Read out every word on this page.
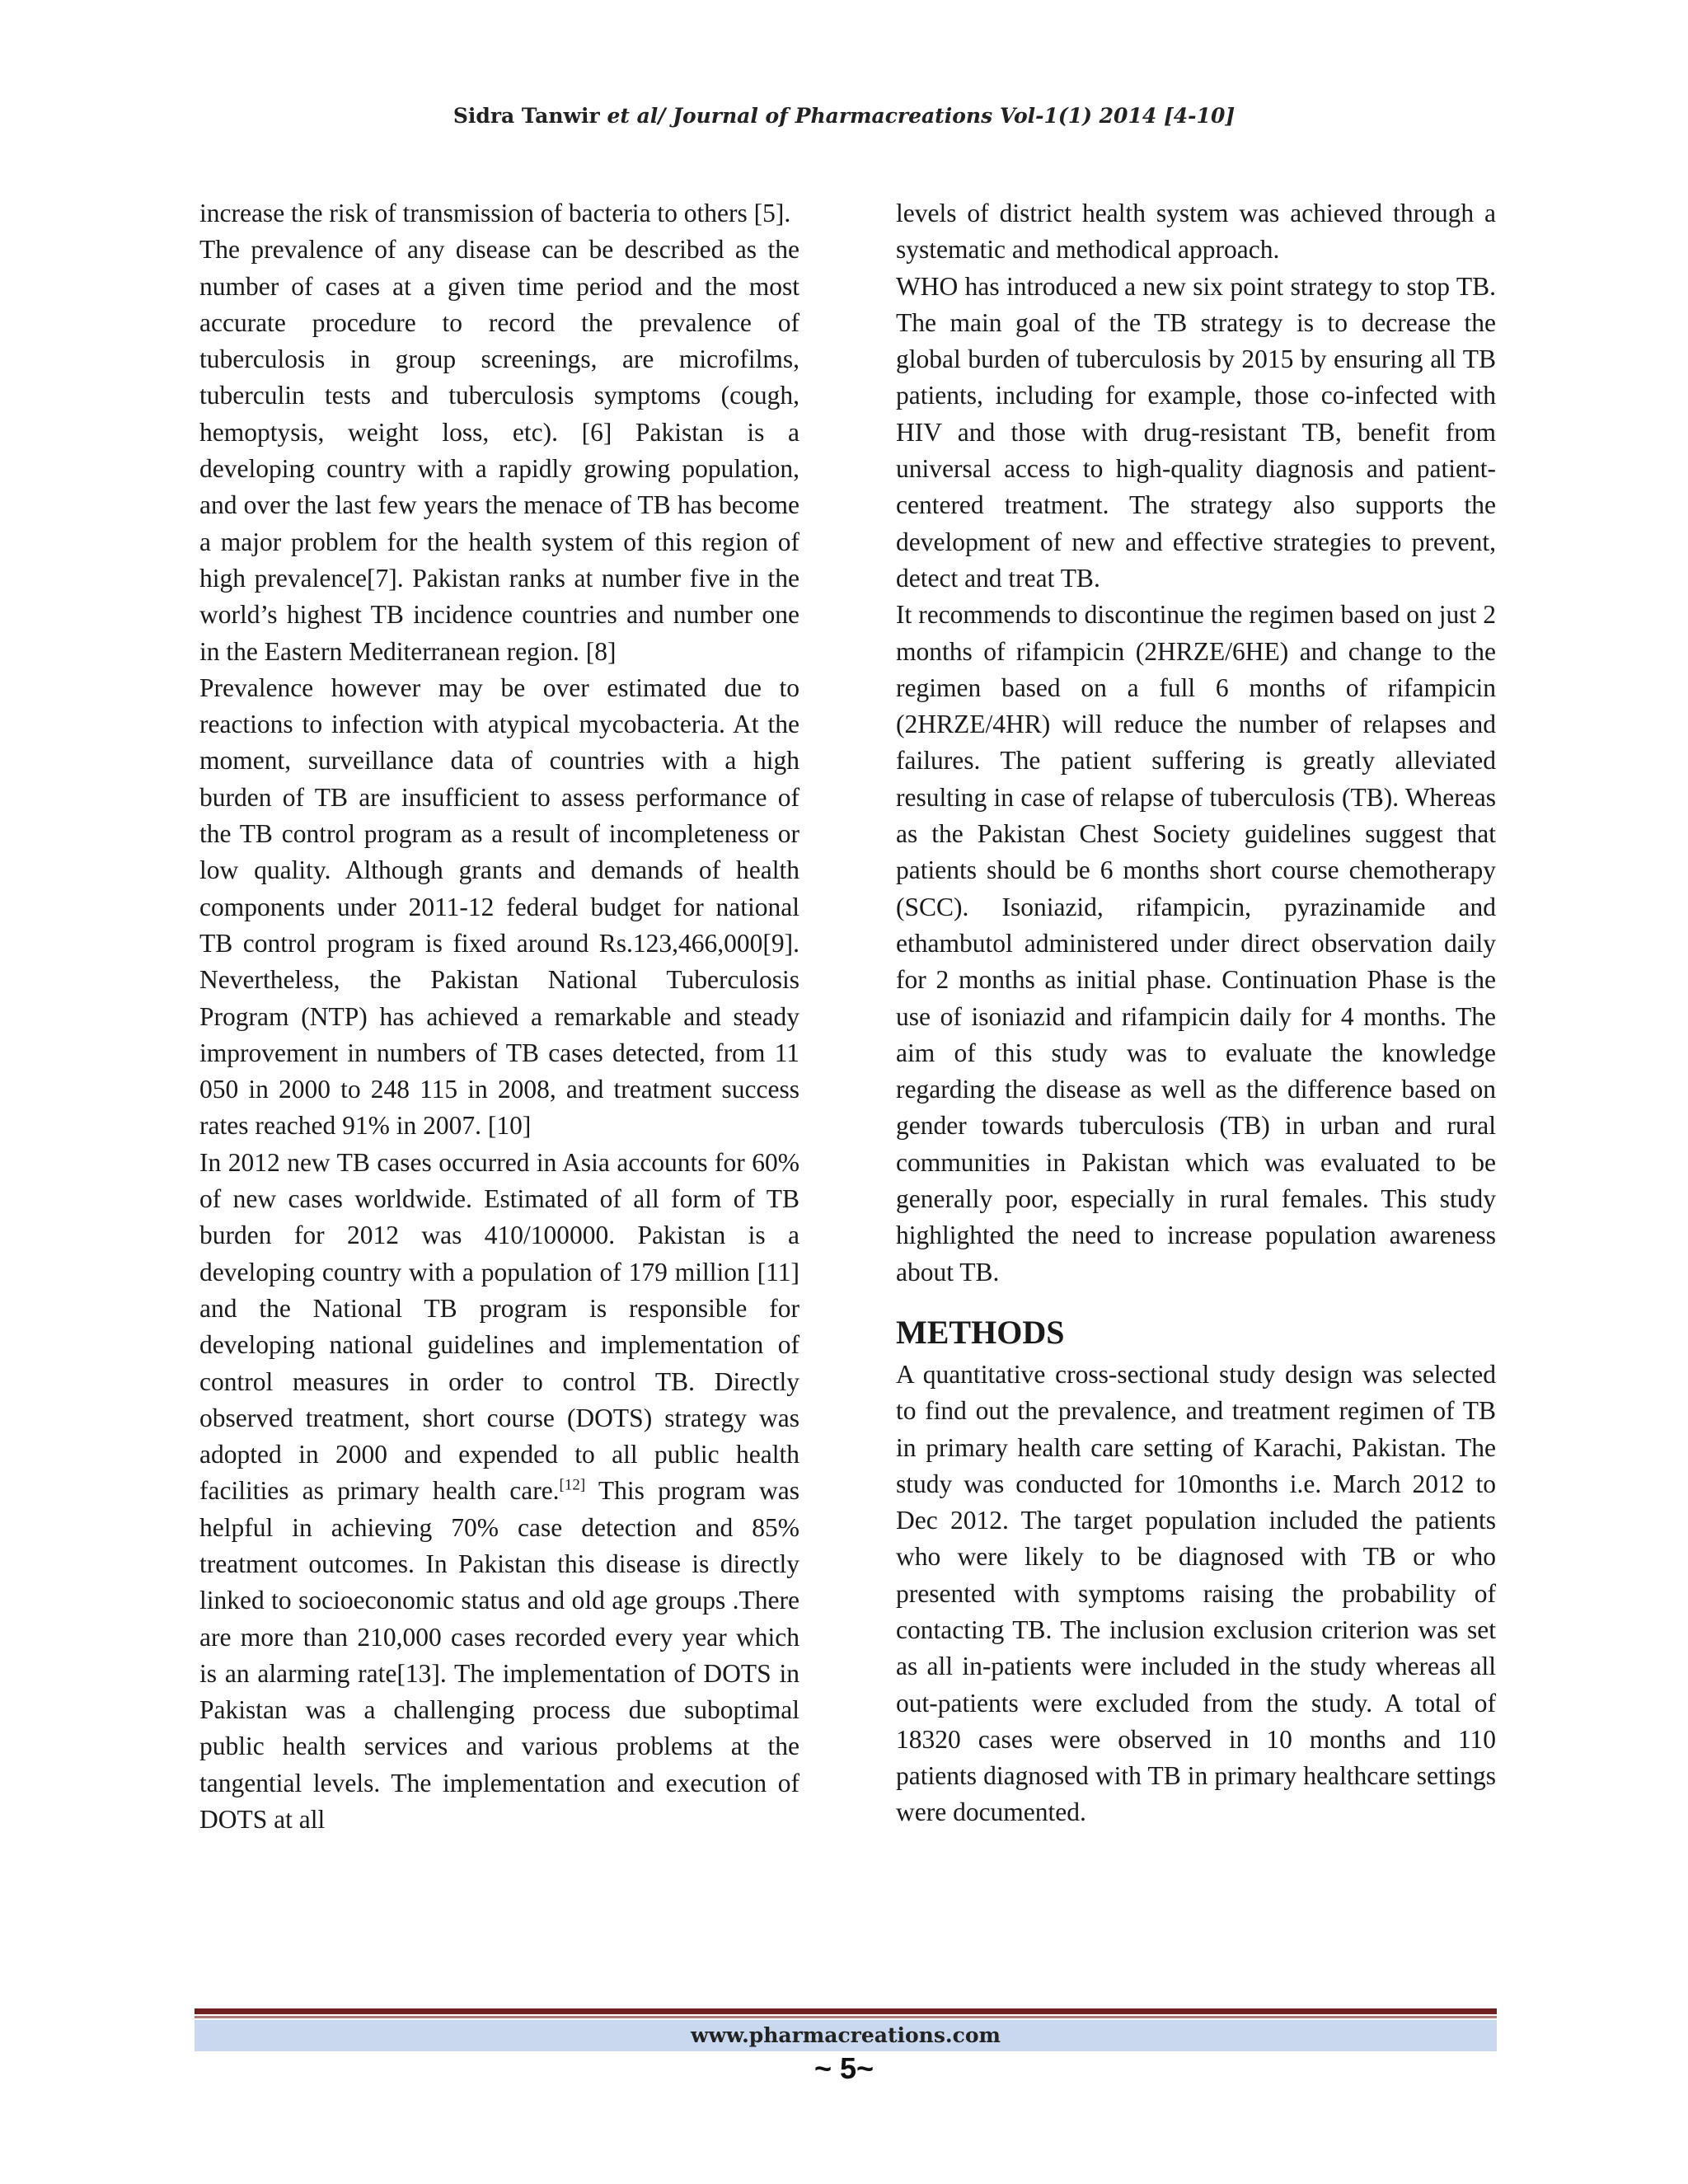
Sidra Tanwir et al/ Journal of Pharmacreations Vol-1(1) 2014 [4-10]

increase the risk of transmission of bacteria to others [5].

The prevalence of any disease can be described as the number of cases at a given time period and the most accurate procedure to record the prevalence of tuberculosis in group screenings, are microfilms, tuberculin tests and tuberculosis symptoms (cough, hemoptysis, weight loss, etc). [6] Pakistan is a developing country with a rapidly growing population, and over the last few years the menace of TB has become a major problem for the health system of this region of high prevalence[7]. Pakistan ranks at number five in the world’s highest TB incidence countries and number one in the Eastern Mediterranean region. [8]

Prevalence however may be over estimated due to reactions to infection with atypical mycobacteria. At the moment, surveillance data of countries with a high burden of TB are insufficient to assess performance of the TB control program as a result of incompleteness or low quality. Although grants and demands of health components under 2011-12 federal budget for national TB control program is fixed around Rs.123,466,000[9]. Nevertheless, the Pakistan National Tuberculosis Program (NTP) has achieved a remarkable and steady improvement in numbers of TB cases detected, from 11 050 in 2000 to 248 115 in 2008, and treatment success rates reached 91% in 2007. [10]

In 2012 new TB cases occurred in Asia accounts for 60% of new cases worldwide. Estimated of all form of TB burden for 2012 was 410/100000. Pakistan is a developing country with a population of 179 million [11] and the National TB program is responsible for developing national guidelines and implementation of control measures in order to control TB. Directly observed treatment, short course (DOTS) strategy was adopted in 2000 and expended to all public health facilities as primary health care.[12] This program was helpful in achieving 70% case detection and 85% treatment outcomes. In Pakistan this disease is directly linked to socioeconomic status and old age groups .There are more than 210,000 cases recorded every year which is an alarming rate[13]. The implementation of DOTS in Pakistan was a challenging process due suboptimal public health services and various problems at the tangential levels. The implementation and execution of DOTS at all

levels of district health system was achieved through a systematic and methodical approach.

WHO has introduced a new six point strategy to stop TB. The main goal of the TB strategy is to decrease the global burden of tuberculosis by 2015 by ensuring all TB patients, including for example, those co-infected with HIV and those with drug-resistant TB, benefit from universal access to high-quality diagnosis and patient-centered treatment. The strategy also supports the development of new and effective strategies to prevent, detect and treat TB.

It recommends to discontinue the regimen based on just 2 months of rifampicin (2HRZE/6HE) and change to the regimen based on a full 6 months of rifampicin (2HRZE/4HR) will reduce the number of relapses and failures. The patient suffering is greatly alleviated resulting in case of relapse of tuberculosis (TB). Whereas as the Pakistan Chest Society guidelines suggest that patients should be 6 months short course chemotherapy (SCC). Isoniazid, rifampicin, pyrazinamide and ethambutol administered under direct observation daily for 2 months as initial phase. Continuation Phase is the use of isoniazid and rifampicin daily for 4 months. The aim of this study was to evaluate the knowledge regarding the disease as well as the difference based on gender towards tuberculosis (TB) in urban and rural communities in Pakistan which was evaluated to be generally poor, especially in rural females. This study highlighted the need to increase population awareness about TB.

METHODS

A quantitative cross-sectional study design was selected to find out the prevalence, and treatment regimen of TB in primary health care setting of Karachi, Pakistan. The study was conducted for 10months i.e. March 2012 to Dec 2012. The target population included the patients who were likely to be diagnosed with TB or who presented with symptoms raising the probability of contacting TB. The inclusion exclusion criterion was set as all in-patients were included in the study whereas all out-patients were excluded from the study. A total of 18320 cases were observed in 10 months and 110 patients diagnosed with TB in primary healthcare settings were documented.

www.pharmacreations.com
~ 5~
